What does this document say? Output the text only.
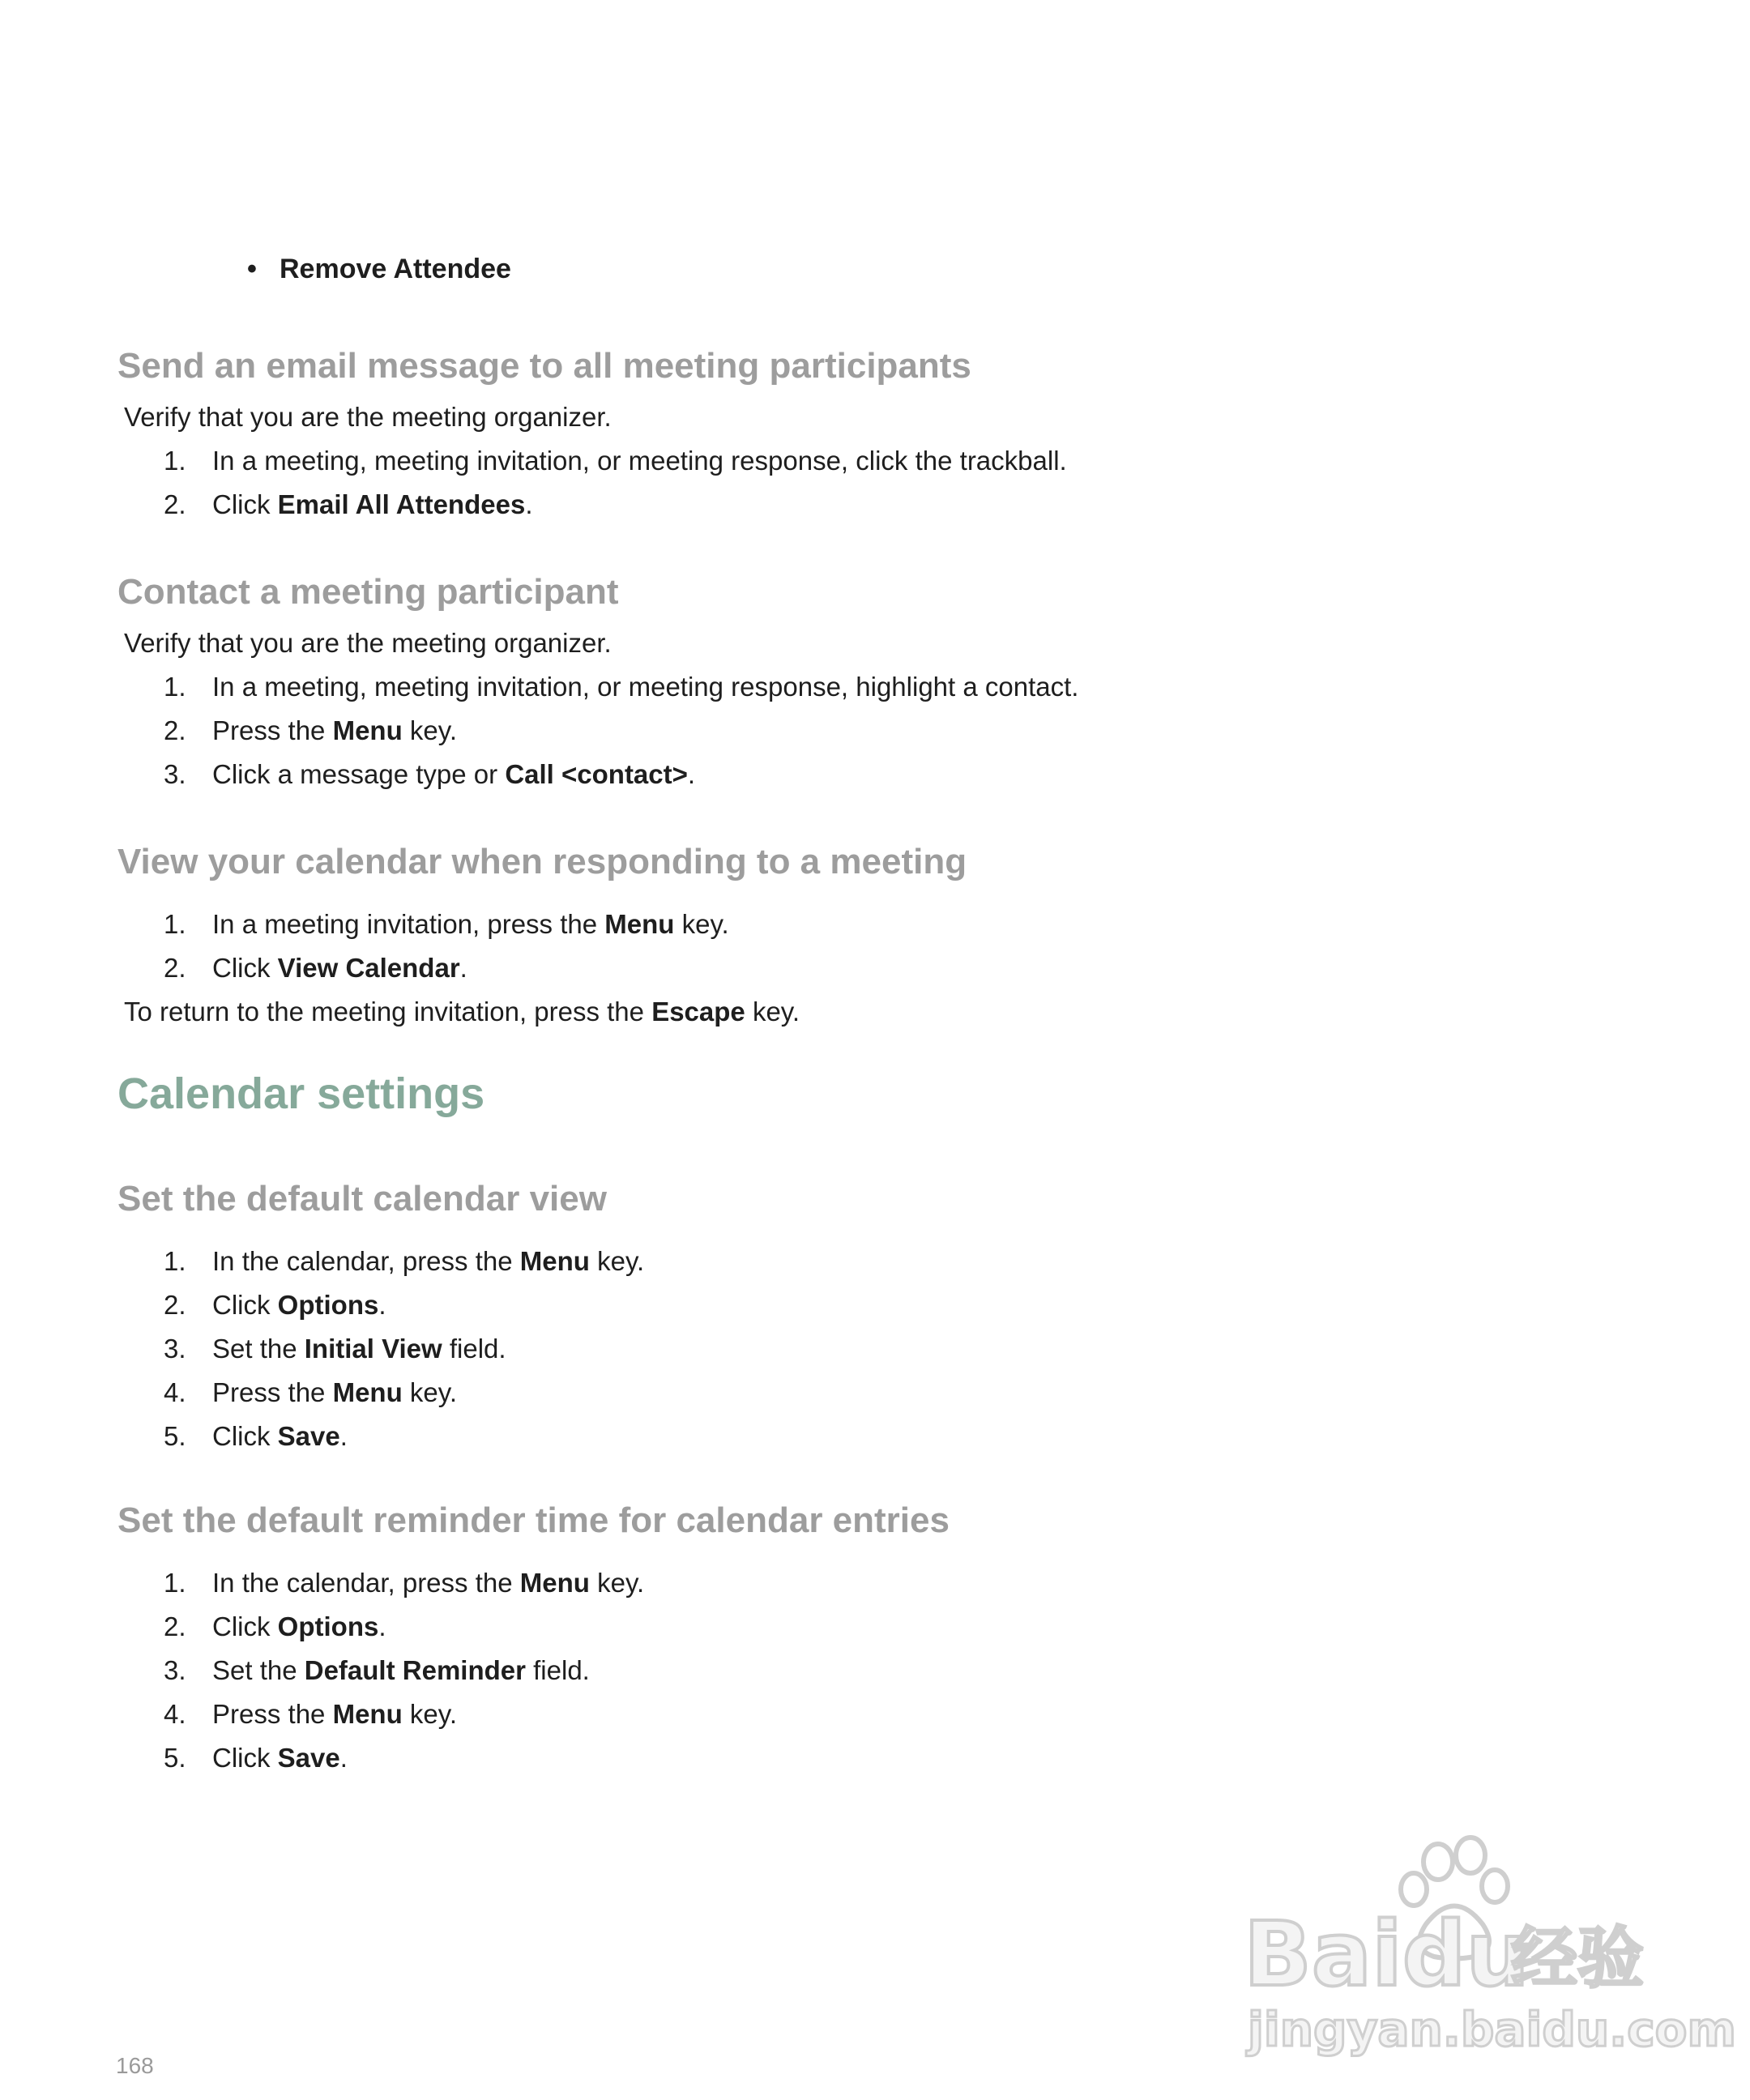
• Remove Attendee
Send an email message to all meeting participants
Verify that you are the meeting organizer.
1. In a meeting, meeting invitation, or meeting response, click the trackball.
2. Click Email All Attendees.
Contact a meeting participant
Verify that you are the meeting organizer.
1. In a meeting, meeting invitation, or meeting response, highlight a contact.
2. Press the Menu key.
3. Click a message type or Call <contact>.
View your calendar when responding to a meeting
1. In a meeting invitation, press the Menu key.
2. Click View Calendar.
To return to the meeting invitation, press the Escape key.
Calendar settings
Set the default calendar view
1. In the calendar, press the Menu key.
2. Click Options.
3. Set the Initial View field.
4. Press the Menu key.
5. Click Save.
Set the default reminder time for calendar entries
1. In the calendar, press the Menu key.
2. Click Options.
3. Set the Default Reminder field.
4. Press the Menu key.
5. Click Save.
Baidu
经验
jingyan.baidu.com
168
